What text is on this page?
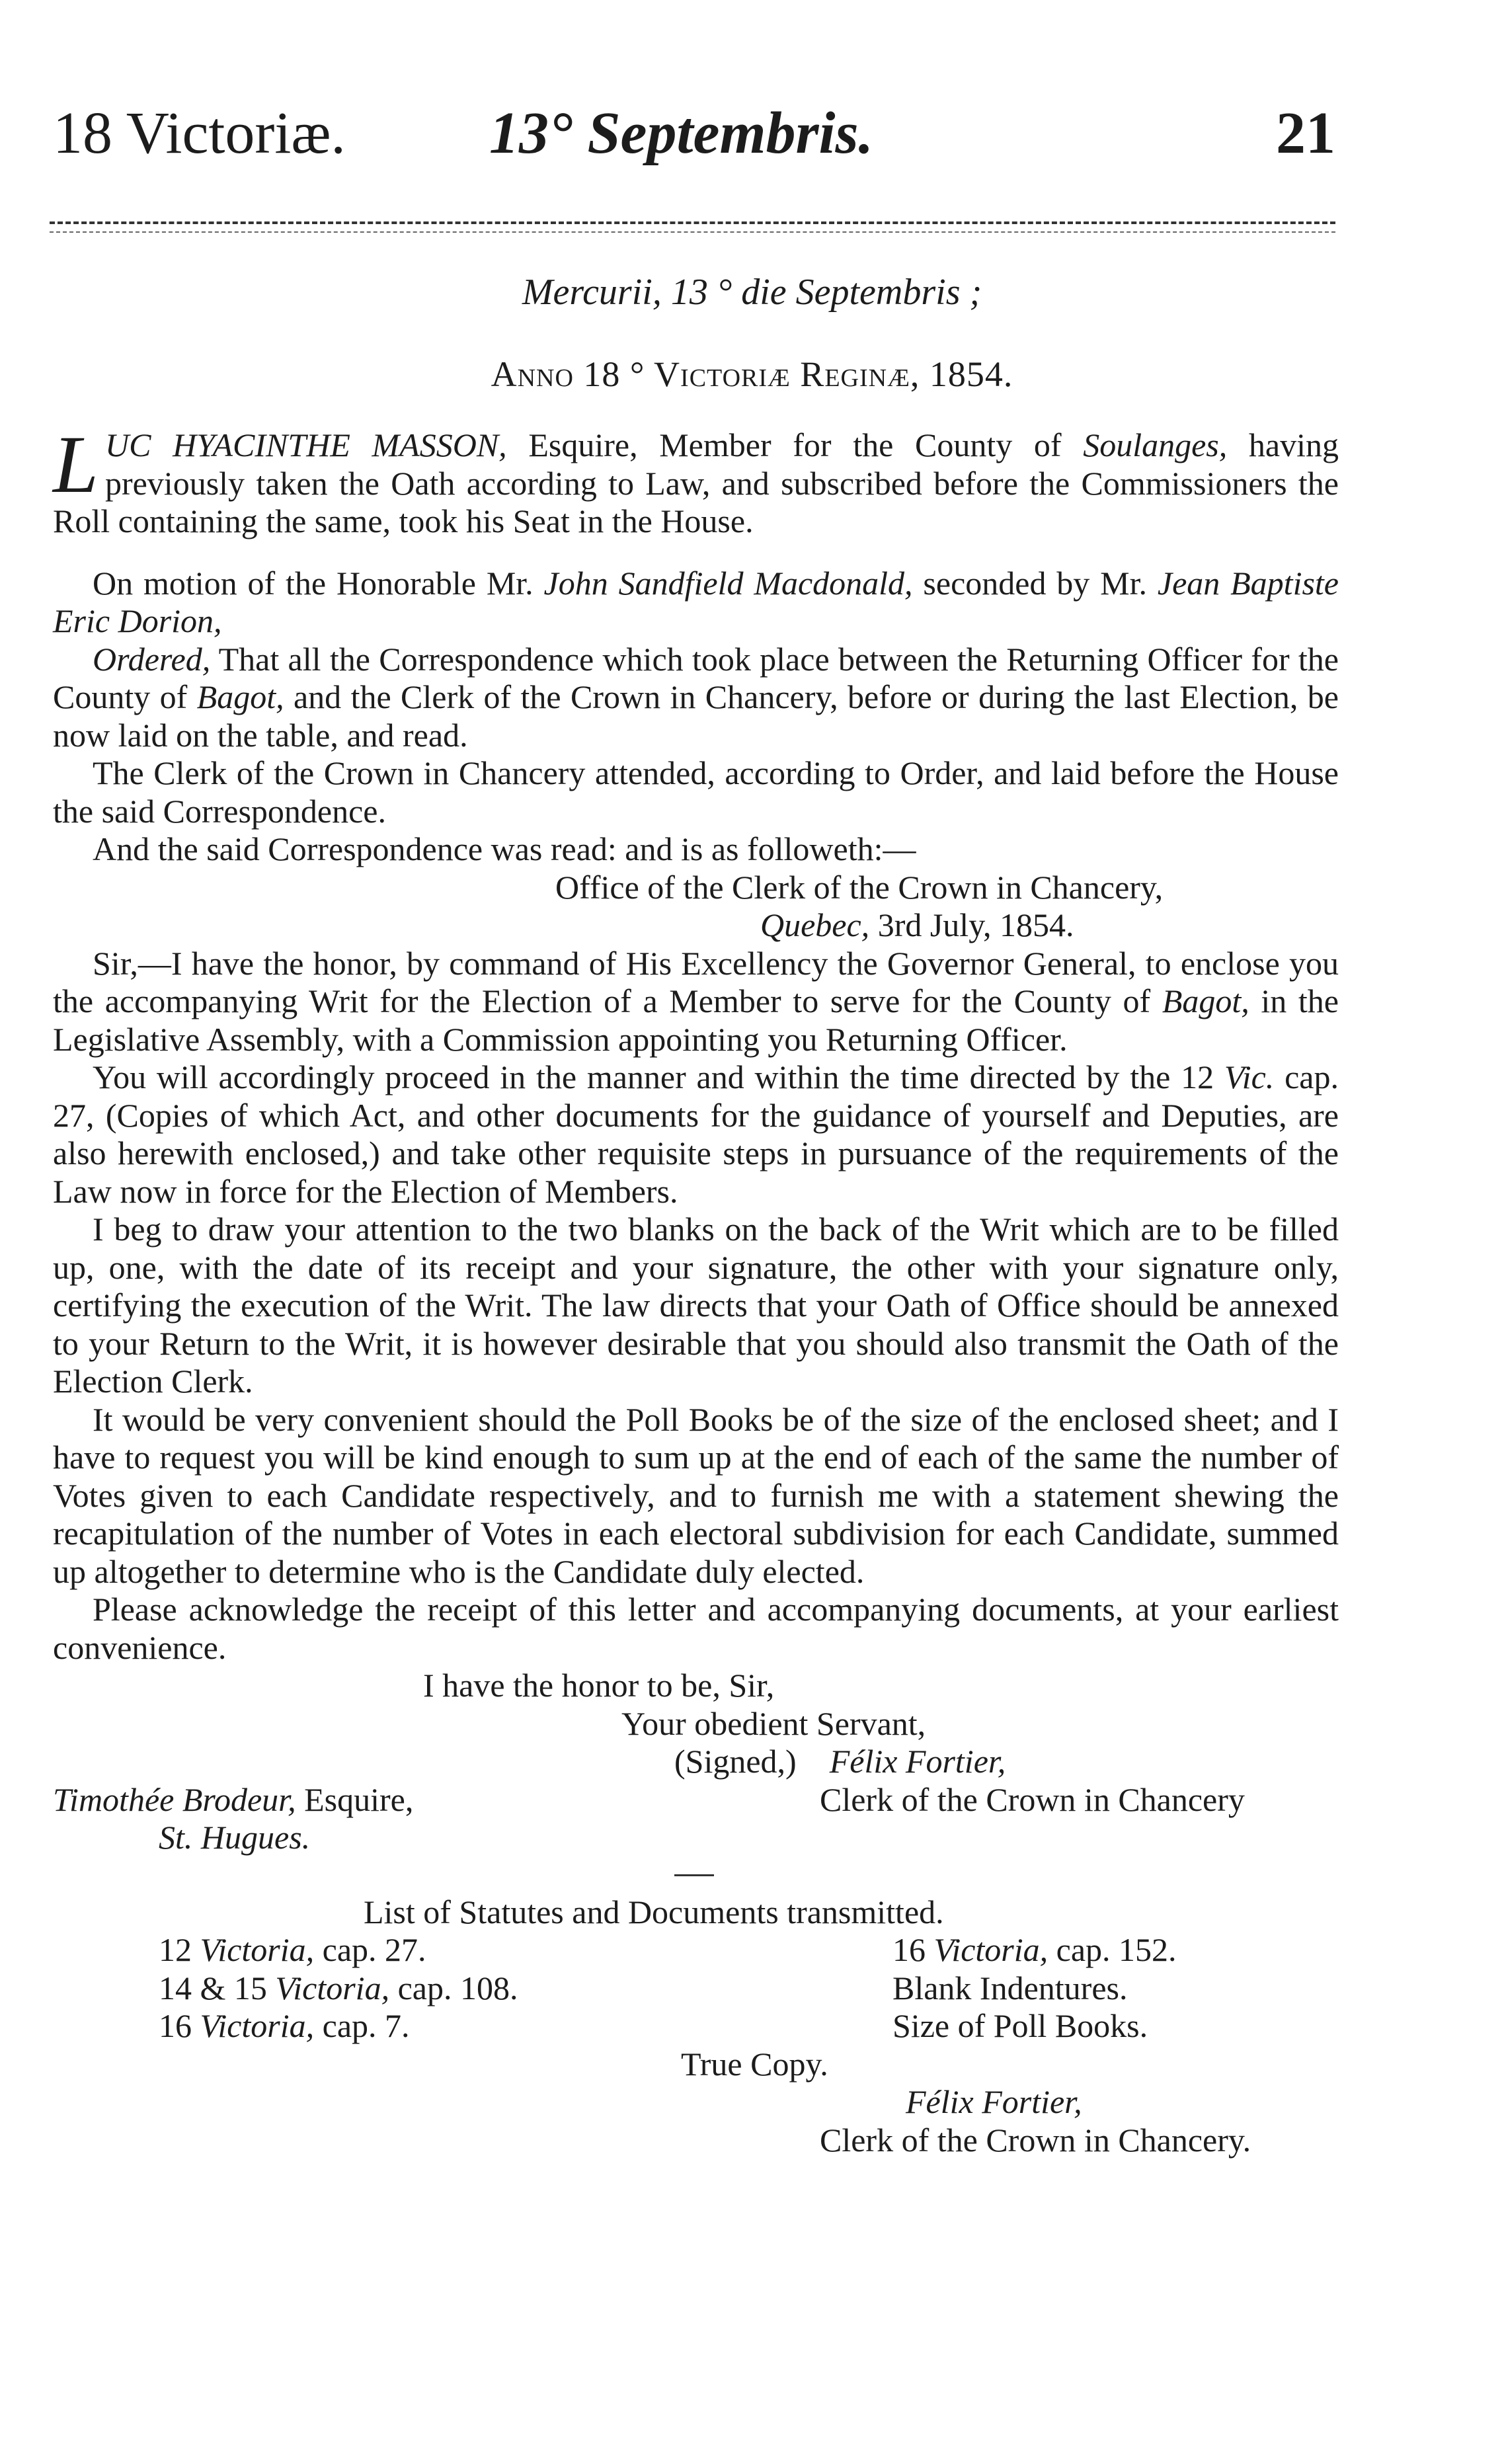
18 Victoriæ. 13° Septembris.	21
Mercurii, 13 ° die Septembris ;
Anno 18 ° Victoriæ Reginæ, 1854.

LUC HYACINTHE MASSON, Esquire, Member for the County of Soulanges, having previously taken the Oath according to Law, and subscribed before the Commissioners the Roll containing the same, took his Seat in the House.

On motion of the Honorable Mr. John Sandfield Macdonald, seconded by Mr. Jean Baptiste Eric Dorion,

Ordered, That all the Correspondence which took place between the Returning Officer for the County of Bagot, and the Clerk of the Crown in Chancery, before or during the last Election, be now laid on the table, and read.

The Clerk of the Crown in Chancery attended, according to Order, and laid before the House the said Correspondence.

And the said Correspondence was read: and is as followeth:—

Office of the Clerk of the Crown in Chancery,

Quebec, 3rd July, 1854.

Sir,—I have the honor, by command of His Excellency the Governor General, to enclose you the accompanying Writ for the Election of a Member to serve for the County of Bagot, in the Legislative Assembly, with a Commission appointing you Returning Officer.

You will accordingly proceed in the manner and within the time directed by the 12 Vic. cap. 27, (Copies of which Act, and other documents for the guidance of yourself and Deputies, are also herewith enclosed,) and take other requisite steps in pursuance of the requirements of the Law now in force for the Election of Members.

I beg to draw your attention to the two blanks on the back of the Writ which are to be filled up, one, with the date of its receipt and your signature, the other with your signature only, certifying the execution of the Writ. The law directs that your Oath of Office should be annexed to your Return to the Writ, it is however desirable that you should also transmit the Oath of the Election Clerk.

It would be very convenient should the Poll Books be of the size of the enclosed sheet; and I have to request you will be kind enough to sum up at the end of each of the same the number of Votes given to each Candidate respectively, and to furnish me with a statement shewing the recapitulation of the number of Votes in each electoral subdivision for each Candidate, summed up altogether to determine who is the Candidate duly elected.

Please acknowledge the receipt of this letter and accompanying documents, at your earliest convenience.

I have the honor to be, Sir,

Your obedient Servant,

(Signed,) Félix Fortier,

Timothée Brodeur, Esquire,	Clerk of the Crown in Chancery

St. Hugues.

List of Statutes and Documents transmitted.

12 Victoria, cap. 27.	16 Victoria, cap. 152.
14 & 15 Victoria, cap. 108.	Blank Indentures.
16 Victoria, cap. 7.	Size of Poll Books.

True Copy.

Félix Fortier,

Clerk of the Crown in Chancery.
